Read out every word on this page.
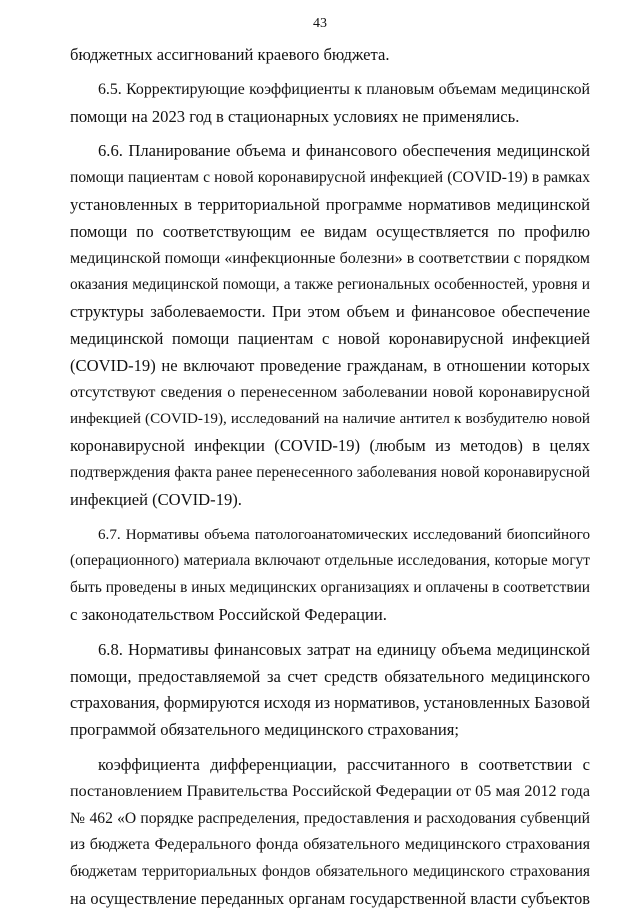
43

бюджетных ассигнований краевого бюджета.

6.5. Корректирующие коэффициенты к плановым объемам медицинской
помощи на 2023 год в стационарных условиях не применялись.

6.6. Планирование объема и финансового обеспечения медицинской
помощи пациентам с новой коронавирусной инфекцией (COVID-19) в рамках
установленных в территориальной программе нормативов медицинской
помощи по соответствующим ее видам осуществляется по профилю
медицинской помощи «инфекционные болезни» в соответствии с порядком
оказания медицинской помощи, а также региональных особенностей, уровня и
структуры заболеваемости. При этом объем и финансовое обеспечение
медицинской помощи пациентам с новой коронавирусной инфекцией
(COVID-19) не включают проведение гражданам, в отношении которых
отсутствуют сведения о перенесенном заболевании новой коронавирусной
инфекцией (COVID-19), исследований на наличие антител к возбудителю новой
коронавирусной инфекции (COVID-19) (любым из методов) в целях
подтверждения факта ранее перенесенного заболевания новой коронавирусной
инфекцией (COVID-19).

6.7. Нормативы объема патологоанатомических исследований биопсийного
(операционного) материала включают отдельные исследования, которые могут
быть проведены в иных медицинских организациях и оплачены в соответствии
с законодательством Российской Федерации.

6.8. Нормативы финансовых затрат на единицу объема медицинской
помощи, предоставляемой за счет средств обязательного медицинского
страхования, формируются исходя из нормативов, установленных Базовой
программой обязательного медицинского страхования;

коэффициента дифференциации, рассчитанного в соответствии с
постановлением Правительства Российской Федерации от 05 мая 2012 года
№ 462 «О порядке распределения, предоставления и расходования субвенций
из бюджета Федерального фонда обязательного медицинского страхования
бюджетам территориальных фондов обязательного медицинского страхования
на осуществление переданных органам государственной власти субъектов
